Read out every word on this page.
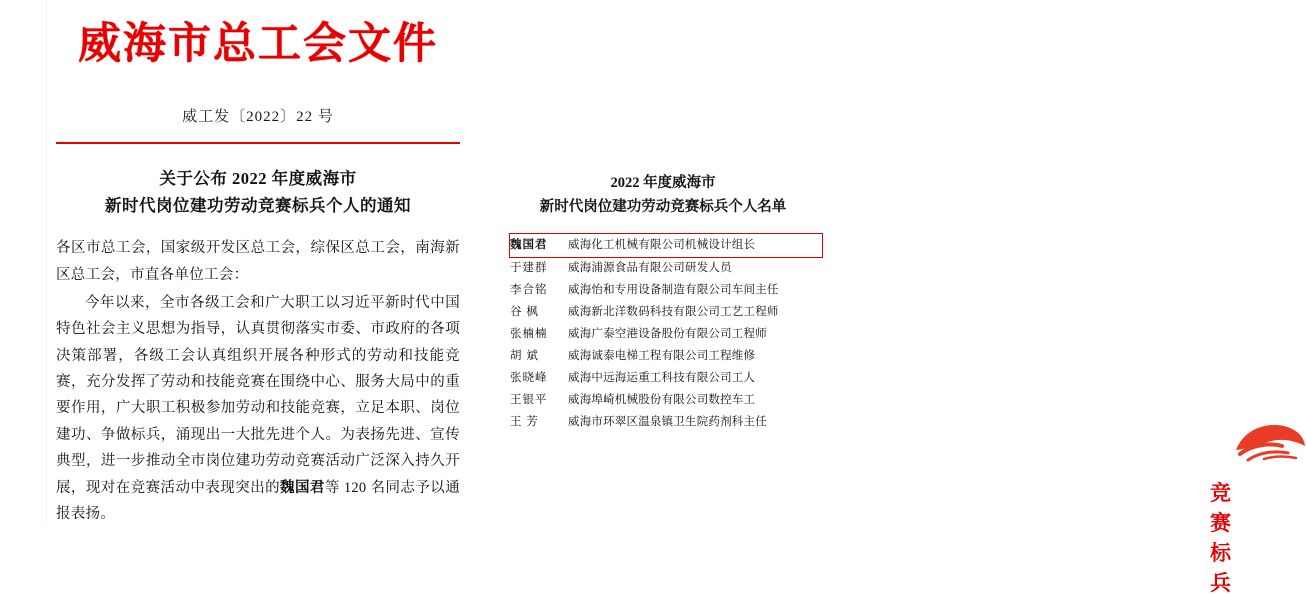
威海市总工会文件
威工发〔2022〕22 号
关于公布 2022 年度威海市
新时代岗位建功劳动竞赛标兵个人的通知

各区市总工会，国家级开发区总工会，综保区总工会，南海新区总工会，市直各单位工会：

今年以来，全市各级工会和广大职工以习近平新时代中国特色社会主义思想为指导，认真贯彻落实市委、市政府的各项决策部署，各级工会认真组织开展各种形式的劳动和技能竞赛，充分发挥了劳动和技能竞赛在围绕中心、服务大局中的重要作用，广大职工积极参加劳动和技能竞赛，立足本职、岗位建功、争做标兵，涌现出一大批先进个人。为表扬先进、宣传典型，进一步推动全市岗位建功劳动竞赛活动广泛深入持久开展，现对在竞赛活动中表现突出的魏国君等 120 名同志予以通报表扬。

2022 年度威海市
新时代岗位建功劳动竞赛标兵个人名单
魏国君	威海化工机械有限公司机械设计组长
于建群	威海浦源食品有限公司研发人员
李合铭	威海怡和专用设备制造有限公司车间主任
谷 枫	威海新北洋数码科技有限公司工艺工程师
张楠楠	威海广泰空港设备股份有限公司工程师
胡 斌	威海诚泰电梯工程有限公司工程维修
张晓峰	威海中远海运重工科技有限公司工人
王银平	威海埠崎机械股份有限公司数控车工
王 芳	威海市环翠区温泉镇卫生院药剂科主任
竞赛标兵
